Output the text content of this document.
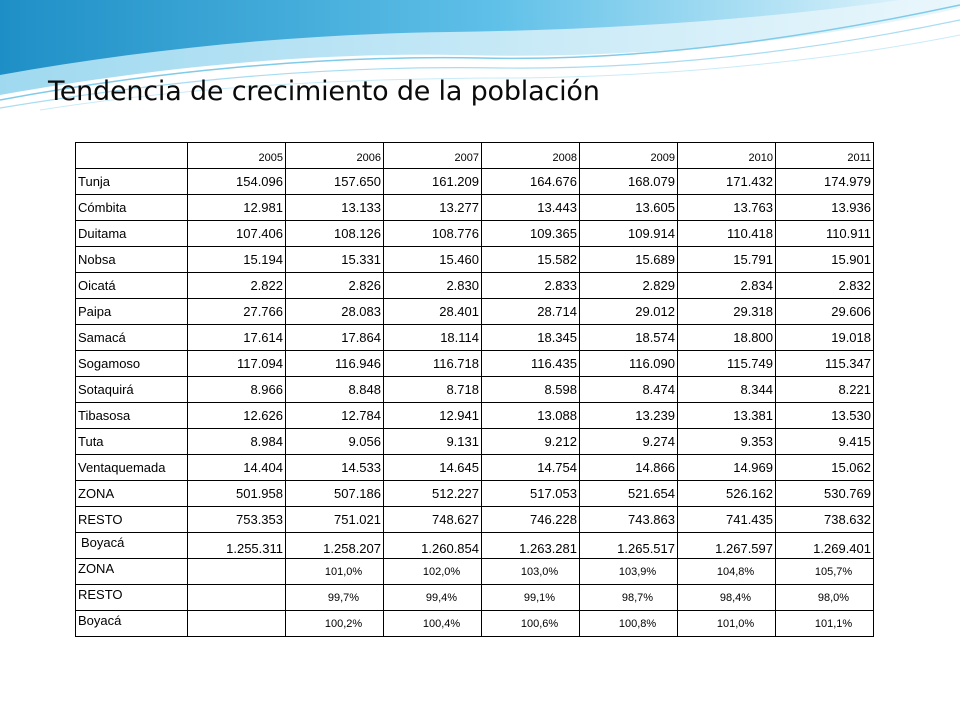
Tendencia de crecimiento de la población
	2005	2006	2007	2008	2009	2010	2011
Tunja	154.096	157.650	161.209	164.676	168.079	171.432	174.979
Cómbita	12.981	13.133	13.277	13.443	13.605	13.763	13.936
Duitama	107.406	108.126	108.776	109.365	109.914	110.418	110.911
Nobsa	15.194	15.331	15.460	15.582	15.689	15.791	15.901
Oicatá	2.822	2.826	2.830	2.833	2.829	2.834	2.832
Paipa	27.766	28.083	28.401	28.714	29.012	29.318	29.606
Samacá	17.614	17.864	18.114	18.345	18.574	18.800	19.018
Sogamoso	117.094	116.946	116.718	116.435	116.090	115.749	115.347
Sotaquirá	8.966	8.848	8.718	8.598	8.474	8.344	8.221
Tibasosa	12.626	12.784	12.941	13.088	13.239	13.381	13.530
Tuta	8.984	9.056	9.131	9.212	9.274	9.353	9.415
Ventaquemada	14.404	14.533	14.645	14.754	14.866	14.969	15.062
ZONA	501.958	507.186	512.227	517.053	521.654	526.162	530.769
RESTO	753.353	751.021	748.627	746.228	743.863	741.435	738.632
Boyacá	1.255.311	1.258.207	1.260.854	1.263.281	1.265.517	1.267.597	1.269.401
ZONA		101,0%	102,0%	103,0%	103,9%	104,8%	105,7%
RESTO		99,7%	99,4%	99,1%	98,7%	98,4%	98,0%
Boyacá		100,2%	100,4%	100,6%	100,8%	101,0%	101,1%
